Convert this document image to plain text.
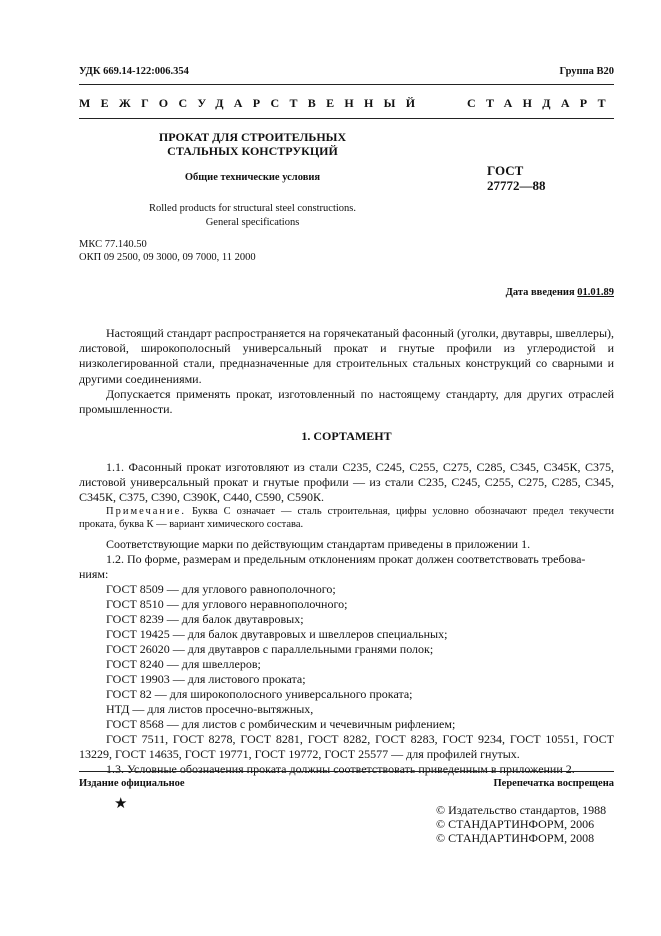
УДК 669.14-122:006.354	Группа В20
МЕЖГОСУДАРСТВЕННЫЙ	СТАНДАРТ
ПРОКАТ ДЛЯ СТРОИТЕЛЬНЫХ
СТАЛЬНЫХ КОНСТРУКЦИЙ
Общие технические условия
Rolled products for structural steel constructions.
General specifications
ГОСТ
27772—88
МКС 77.140.50
ОКП 09 2500, 09 3000, 09 7000, 11 2000
Дата введения 01.01.89

Настоящий стандарт распространяется на горячекатаный фасонный (уголки, двутавры, швеллеры), листовой, широкополосный универсальный прокат и гнутые профили из углеродистой и низколегированной стали, предназначенные для строительных стальных конструкций со сварными и другими соединениями.

Допускается применять прокат, изготовленный по настоящему стандарту, для других отраслей промышленности.

1. СОРТАМЕНТ

1.1. Фасонный прокат изготовляют из стали С235, С245, С255, С275, С285, С345, С345К, С375, листовой универсальный прокат и гнутые профили — из стали С235, С245, С255, С275, С285, С345, С345К, С375, С390, С390К, С440, С590, С590К.

Примечание. Буква С означает — сталь строительная, цифры условно обозначают предел текучести проката, буква К — вариант химического состава.

Соответствующие марки по действующим стандартам приведены в приложении 1.

1.2. По форме, размерам и предельным отклонениям прокат должен соответствовать требова-

ниям:

ГОСТ 8509 — для углового равнополочного;
ГОСТ 8510 — для углового неравнополочного;
ГОСТ 8239 — для балок двутавровых;
ГОСТ 19425 — для балок двутавровых и швеллеров специальных;
ГОСТ 26020 — для двутавров с параллельными гранями полок;
ГОСТ 8240 — для швеллеров;
ГОСТ 19903 — для листового проката;
ГОСТ 82 — для широкополосного универсального проката;
НТД — для листов просечно-вытяжных,
ГОСТ 8568 — для листов с ромбическим и чечевичным рифлением;

ГОСТ 7511, ГОСТ 8278, ГОСТ 8281, ГОСТ 8282, ГОСТ 8283, ГОСТ 9234, ГОСТ 10551, ГОСТ 13229, ГОСТ 14635, ГОСТ 19771, ГОСТ 19772, ГОСТ 25577 — для профилей гнутых.

1.3. Условные обозначения проката должны соответствовать приведенным в приложении 2.

Издание официальное	Перепечатка воспрещена
★	© Издательство стандартов, 1988
© СТАНДАРТИНФОРМ, 2006
© СТАНДАРТИНФОРМ, 2008
